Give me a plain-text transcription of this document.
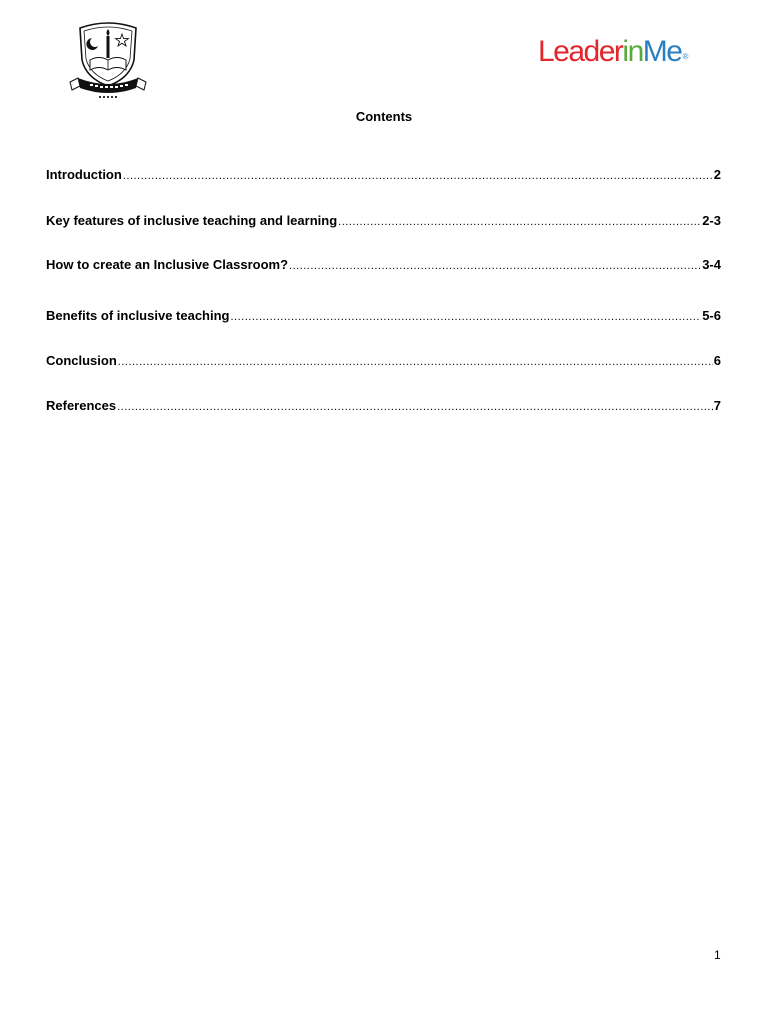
LeaderinMe®
Contents
Introduction .....	2
Key features of inclusive teaching and learning .....	2-3
How to create an Inclusive Classroom? .....	3-4
Benefits of inclusive teaching .....	5-6
Conclusion .....	6
References .....	7
1
